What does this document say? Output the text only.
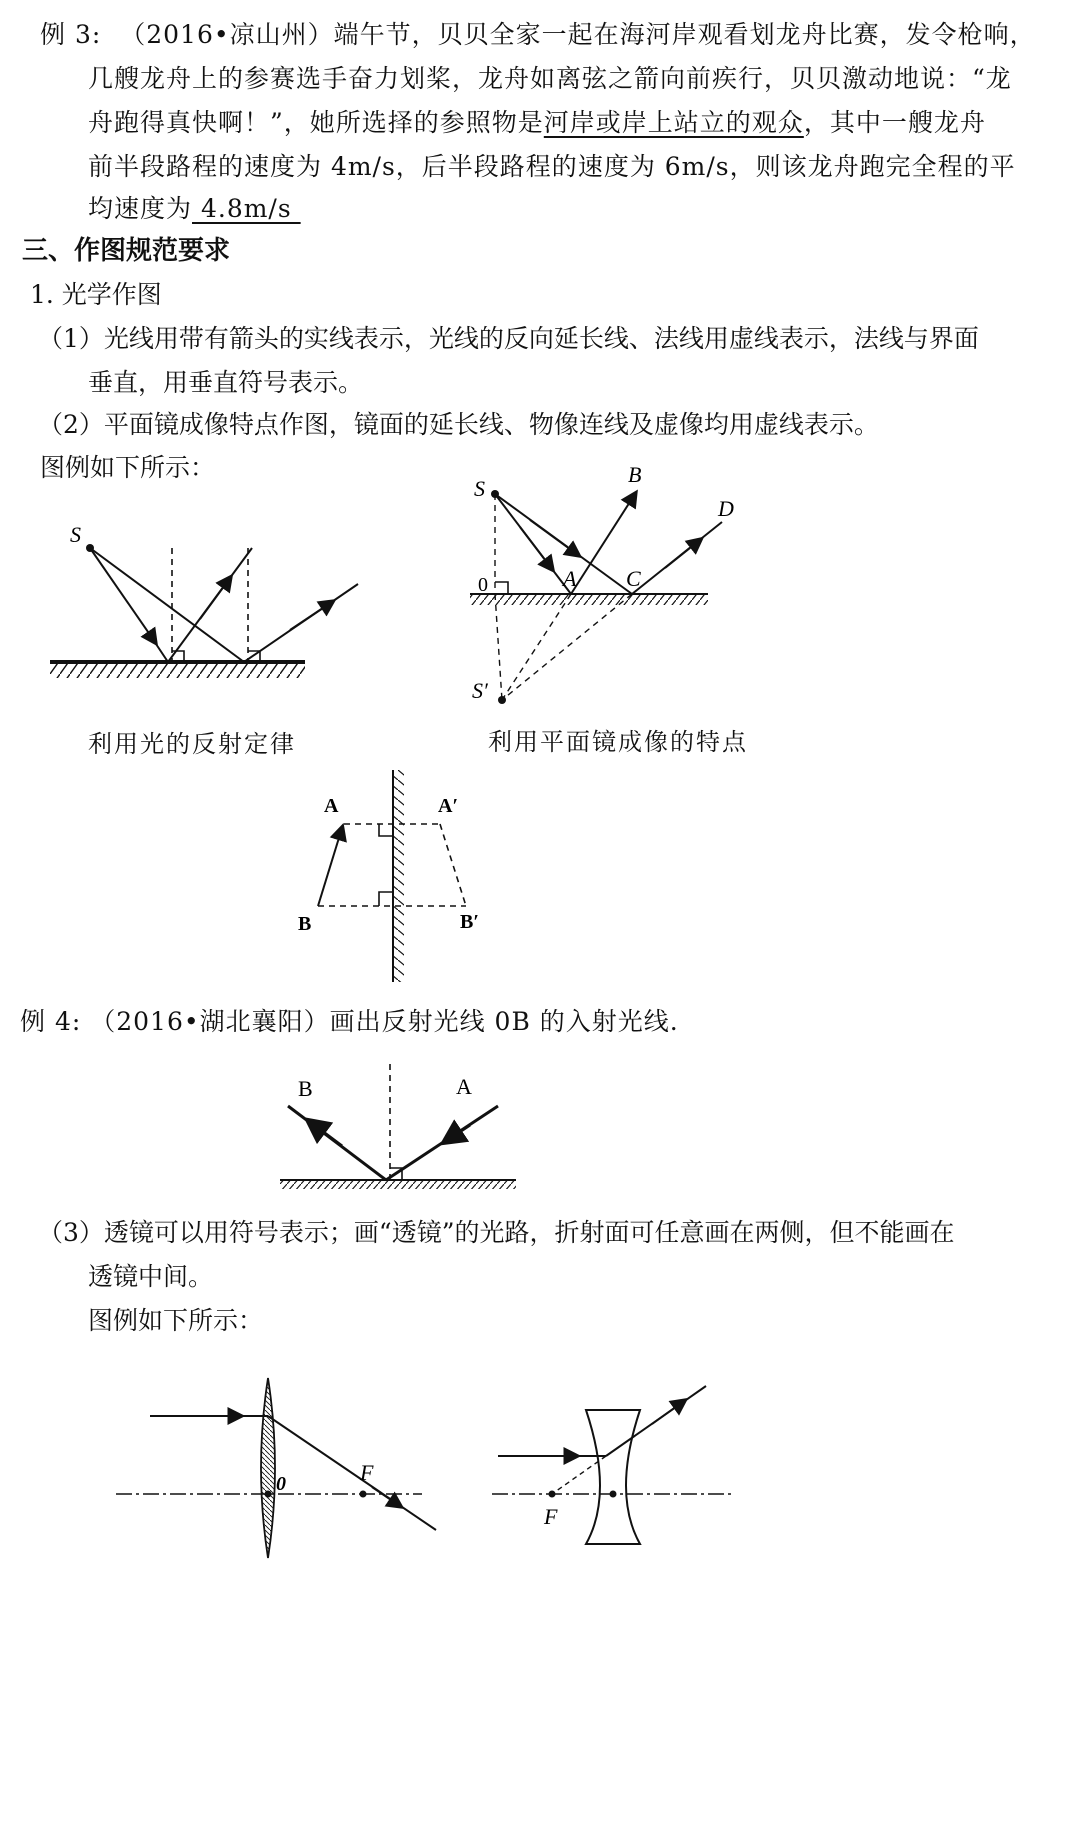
例 3: （2016•凉山州）端午节，贝贝全家一起在海河岸观看划龙舟比赛，发令枪响，
几艘龙舟上的参赛选手奋力划桨，龙舟如离弦之箭向前疾行，贝贝激动地说：“龙
舟跑得真快啊！”，她所选择的参照物是河岸或岸上站立的观众，其中一艘龙舟
前半段路程的速度为 4m/s，后半段路程的速度为 6m/s，则该龙舟跑完全程的平
均速度为 4.8m/s
三、作图规范要求
1. 光学作图
（1）光线用带有箭头的实线表示，光线的反向延长线、法线用虚线表示，法线与界面
垂直，用垂直符号表示。
（2）平面镜成像特点作图，镜面的延长线、物像连线及虚像均用虚线表示。
图例如下所示：
S
利用光的反射定律
S
0
S′
B
D
A C
利用平面镜成像的特点
A	A′
B	B′
例 4: （2016•湖北襄阳）画出反射光线 0B 的入射光线.
B	A
（3）透镜可以用符号表示；画“透镜”的光路，折射面可任意画在两侧，但不能画在
透镜中间。
图例如下所示：
0	F
F
